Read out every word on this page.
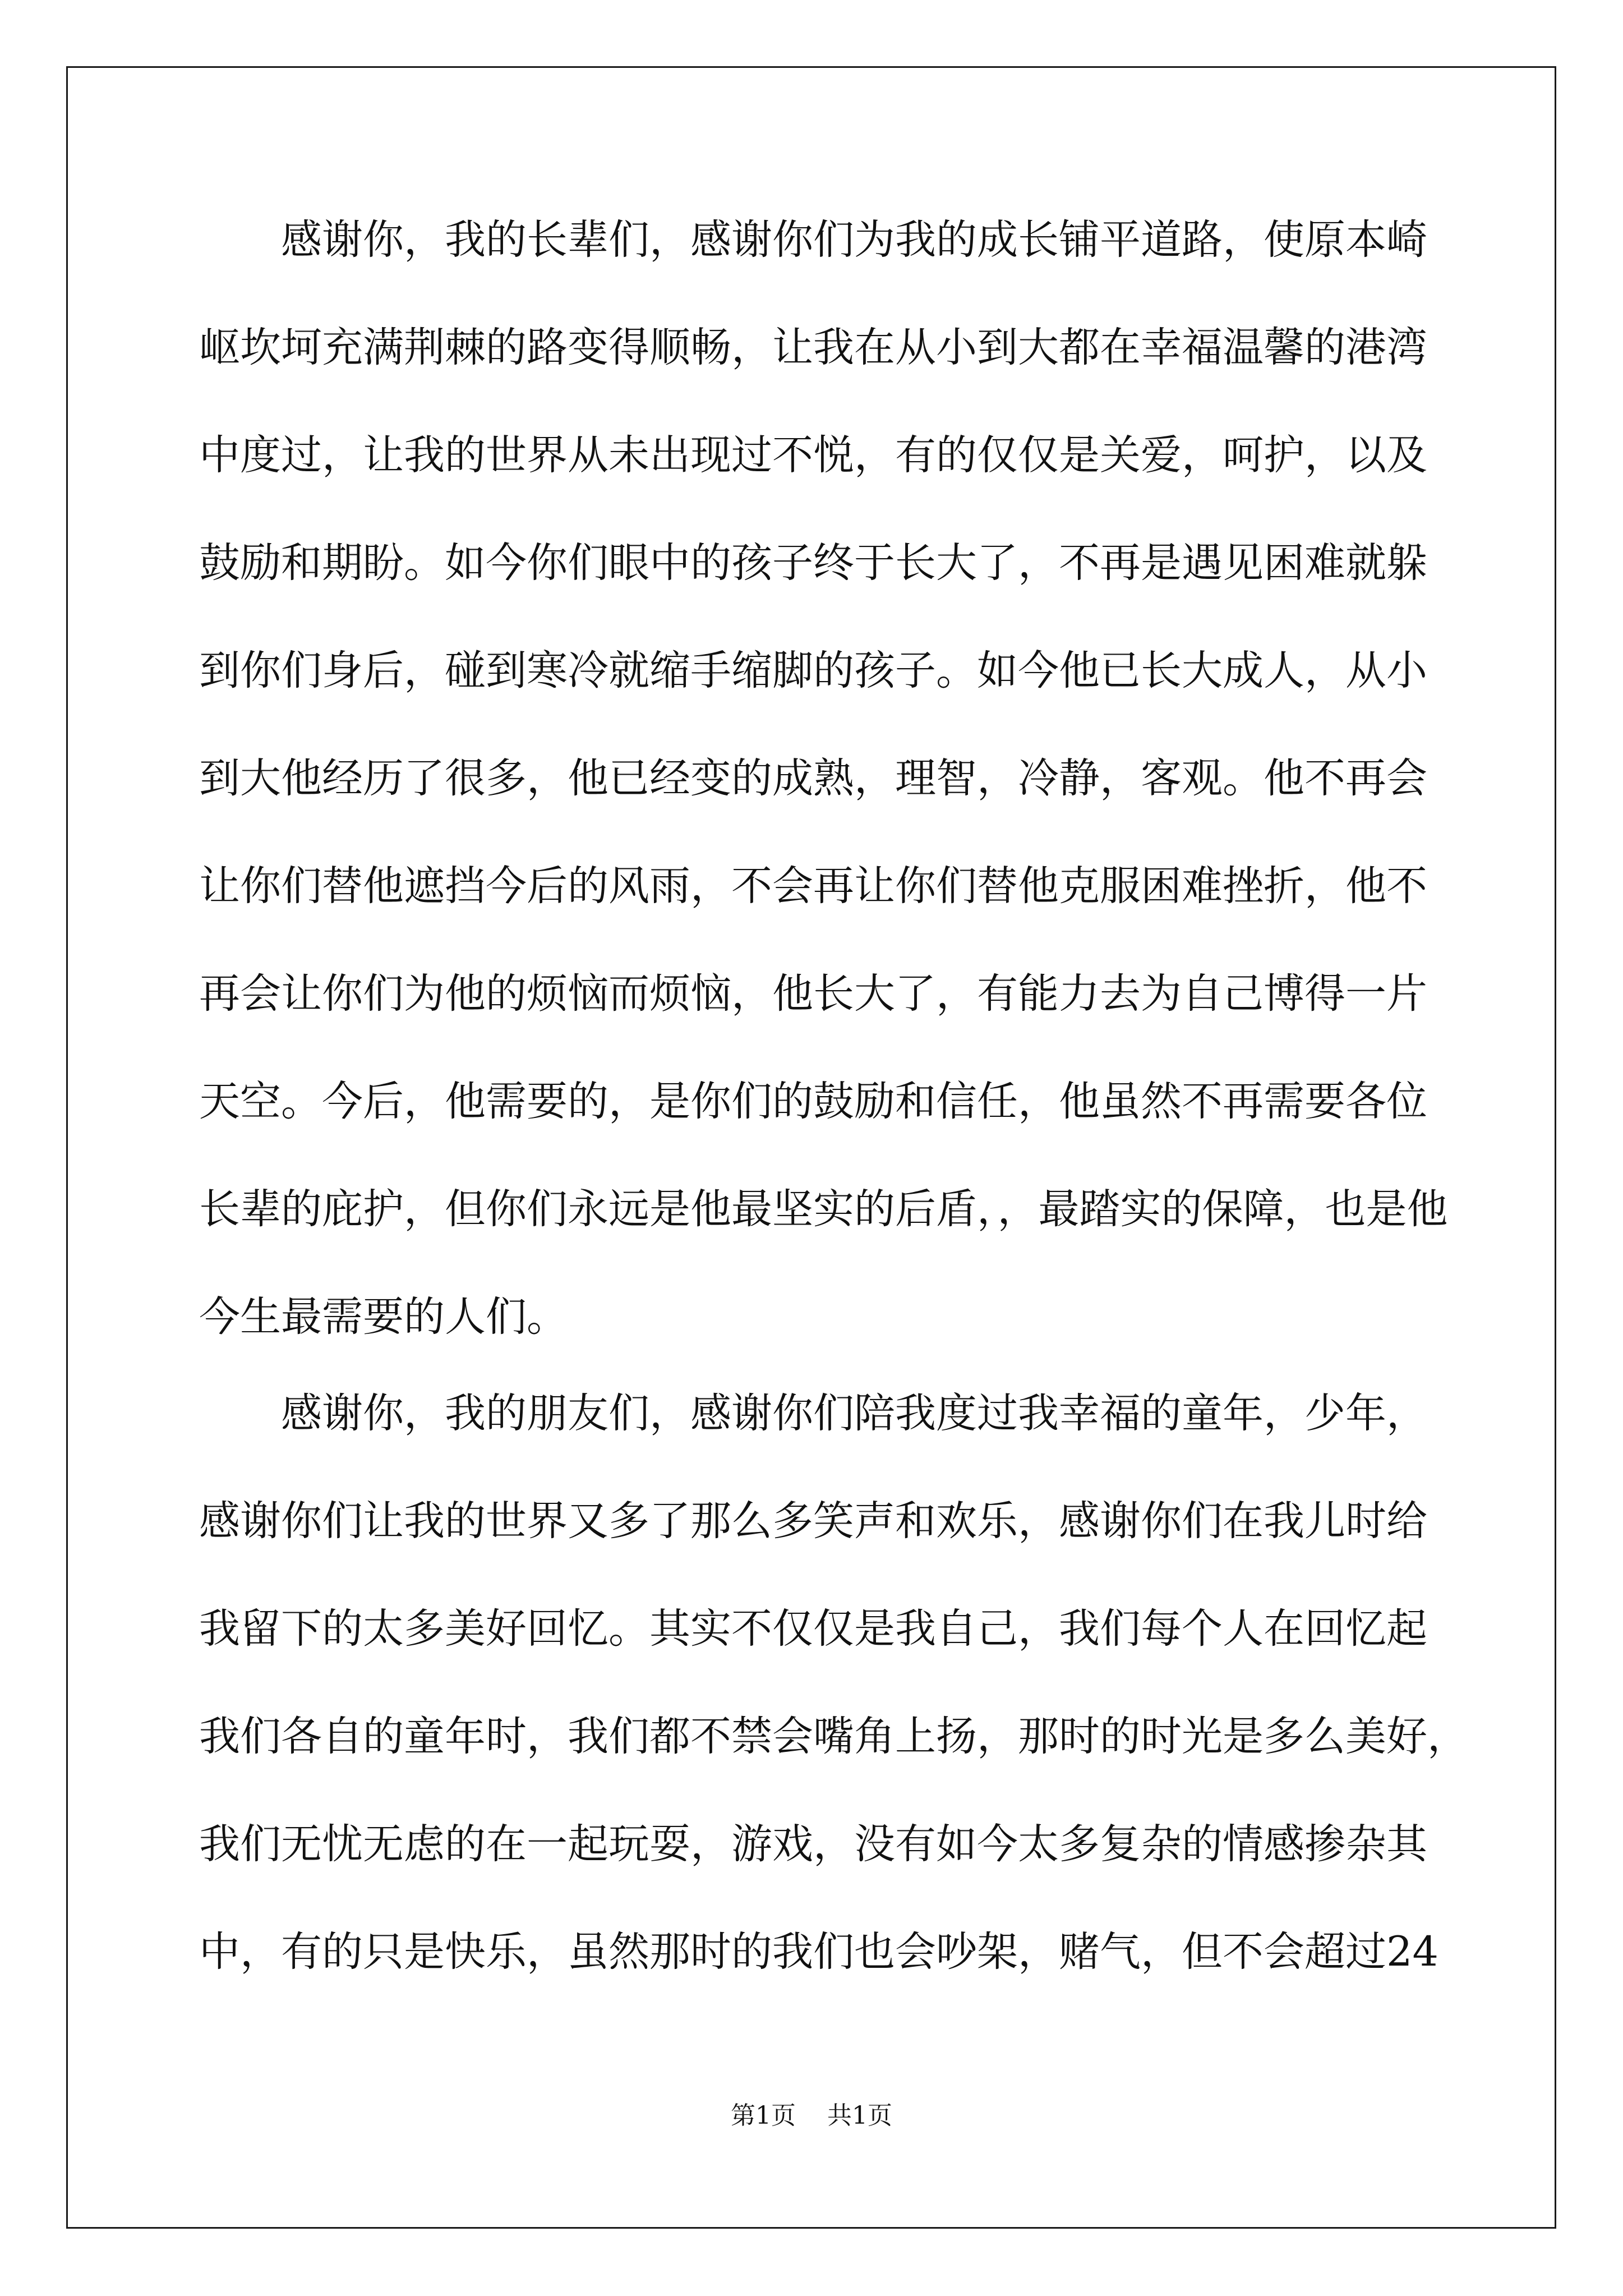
感谢你，我的长辈们，感谢你们为我的成长铺平道路，使原本崎
岖坎坷充满荆棘的路变得顺畅，让我在从小到大都在幸福温馨的港湾
中度过，让我的世界从未出现过不悦，有的仅仅是关爱，呵护，以及
鼓励和期盼。如今你们眼中的孩子终于长大了，不再是遇见困难就躲
到你们身后，碰到寒冷就缩手缩脚的孩子。如今他已长大成人，从小
到大他经历了很多，他已经变的成熟，理智，冷静，客观。他不再会
让你们替他遮挡今后的风雨，不会再让你们替他克服困难挫折，他不
再会让你们为他的烦恼而烦恼，他长大了，有能力去为自己博得一片
天空。今后，他需要的，是你们的鼓励和信任，他虽然不再需要各位
长辈的庇护，但你们永远是他最坚实的后盾，，最踏实的保障，也是他
今生最需要的人们。
感谢你，我的朋友们，感谢你们陪我度过我幸福的童年，少年，
感谢你们让我的世界又多了那么多笑声和欢乐，感谢你们在我儿时给
我留下的太多美好回忆。其实不仅仅是我自己，我们每个人在回忆起
我们各自的童年时，我们都不禁会嘴角上扬，那时的时光是多么美好，
我们无忧无虑的在一起玩耍，游戏，没有如今太多复杂的情感掺杂其
中，有的只是快乐，虽然那时的我们也会吵架，赌气，但不会超过24
第1页 共1页
